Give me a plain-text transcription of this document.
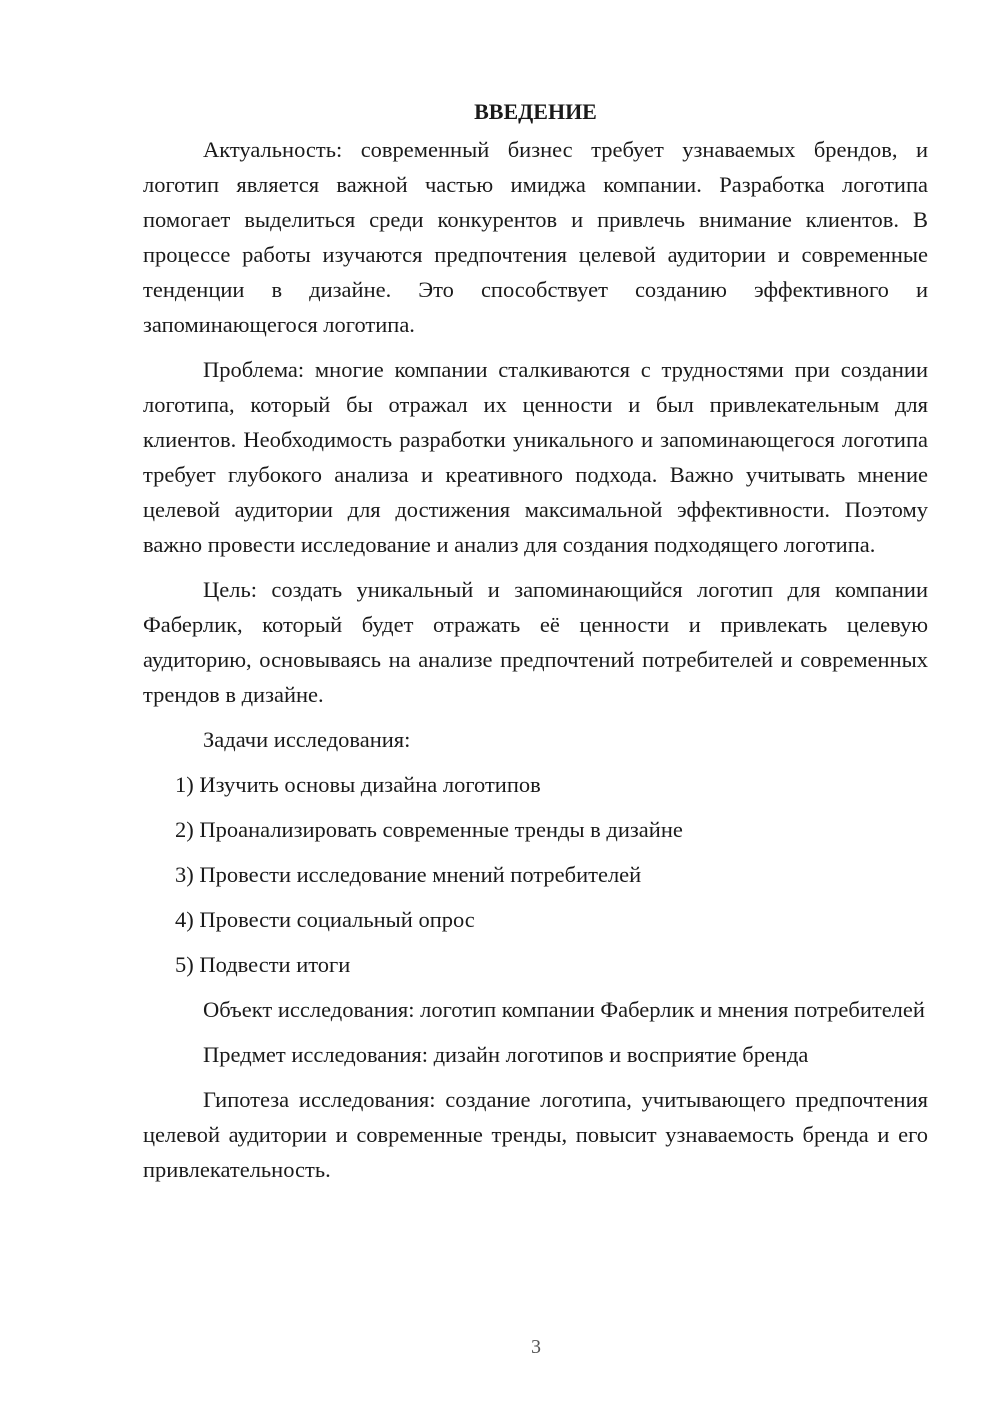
ВВЕДЕНИЕ

Актуальность: современный бизнес требует узнаваемых брендов, и логотип является важной частью имиджа компании. Разработка логотипа помогает выделиться среди конкурентов и привлечь внимание клиентов. В процессе работы изучаются предпочтения целевой аудитории и современные тенденции в дизайне. Это способствует созданию эффективного и запоминающегося логотипа.

Проблема: многие компании сталкиваются с трудностями при создании логотипа, который бы отражал их ценности и был привлекательным для клиентов. Необходимость разработки уникального и запоминающегося логотипа требует глубокого анализа и креативного подхода. Важно учитывать мнение целевой аудитории для достижения максимальной эффективности. Поэтому важно провести исследование и анализ для создания подходящего логотипа.

Цель: создать уникальный и запоминающийся логотип для компании Фаберлик, который будет отражать её ценности и привлекать целевую аудиторию, основываясь на анализе предпочтений потребителей и современных трендов в дизайне.

Задачи исследования:

1) Изучить основы дизайна логотипов
2) Проанализировать современные тренды в дизайне
3) Провести исследование мнений потребителей
4) Провести социальный опрос
5) Подвести итоги

Объект исследования: логотип компании Фаберлик и мнения потребителей

Предмет исследования: дизайн логотипов и восприятие бренда

Гипотеза исследования: создание логотипа, учитывающего предпочтения целевой аудитории и современные тренды, повысит узнаваемость бренда и его привлекательность.

3
